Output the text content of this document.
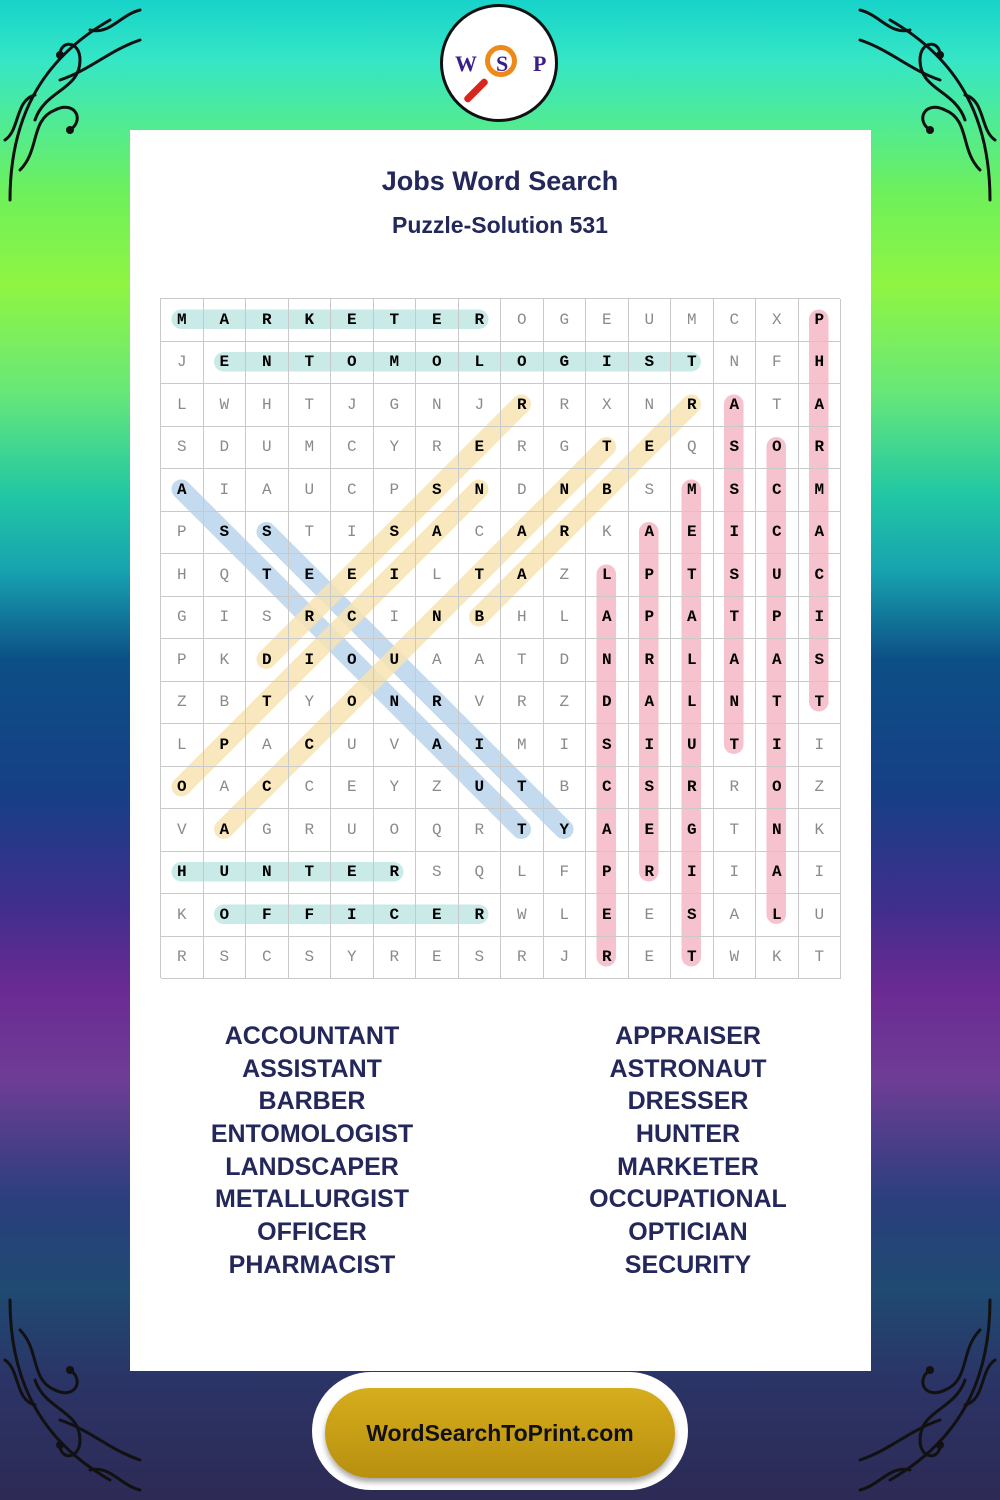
W S P
Jobs Word Search
Puzzle-Solution 531
M	A	R	K	E	T	E	R	O	G	E	U	M	C	X	P
J	E	N	T	O	M	O	L	O	G	I	S	T	N	F	H
L	W	H	T	J	G	N	J	R	R	X	N	R	A	T	A
S	D	U	M	C	Y	R	E	R	G	T	E	Q	S	O	R
A	I	A	U	C	P	S	N	D	N	B	S	M	S	C	M
P	S	S	T	I	S	A	C	A	R	K	A	E	I	C	A
H	Q	T	E	E	I	L	T	A	Z	L	P	T	S	U	C
G	I	S	R	C	I	N	B	H	L	A	P	A	T	P	I
P	K	D	I	O	U	A	A	T	D	N	R	L	A	A	S
Z	B	T	Y	O	N	R	V	R	Z	D	A	L	N	T	T
L	P	A	C	U	V	A	I	M	I	S	I	U	T	I	I
O	A	C	C	E	Y	Z	U	T	B	C	S	R	R	O	Z
V	A	G	R	U	O	Q	R	T	Y	A	E	G	T	N	K
H	U	N	T	E	R	S	Q	L	F	P	R	I	I	A	I
K	O	F	F	I	C	E	R	W	L	E	E	S	A	L	U
R	S	C	S	Y	R	E	S	R	J	R	E	T	W	K	T
ACCOUNTANT
ASSISTANT
BARBER
ENTOMOLOGIST
LANDSCAPER
METALLURGIST
OFFICER
PHARMACIST
APPRAISER
ASTRONAUT
DRESSER
HUNTER
MARKETER
OCCUPATIONAL
OPTICIAN
SECURITY
WordSearchToPrint.com
